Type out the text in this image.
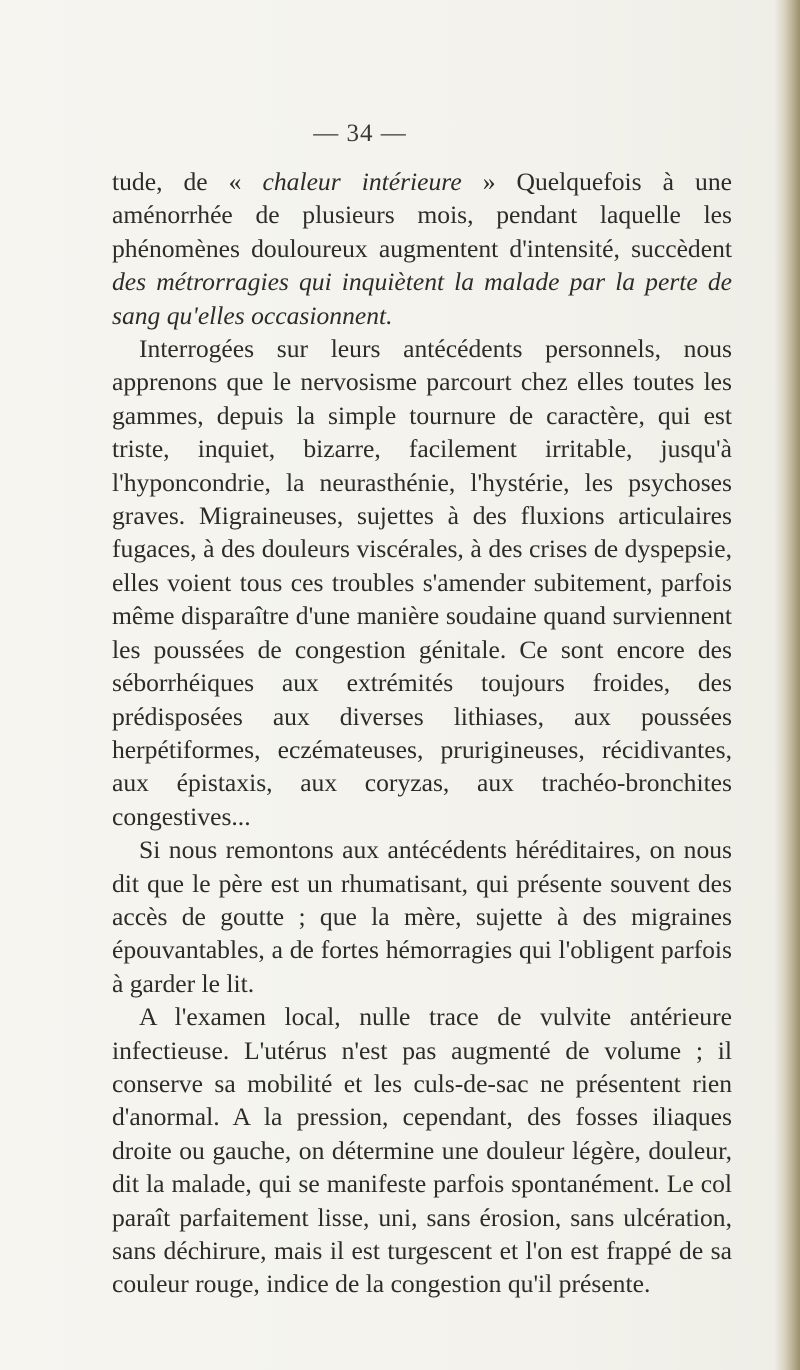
— 34 —

tude, de « chaleur intérieure » Quelquefois à une aménorrhée de plusieurs mois, pendant laquelle les phénomènes douloureux augmentent d'intensité, succèdent des métrorragies qui inquiètent la malade par la perte de sang qu'elles occasionnent.

Interrogées sur leurs antécédents personnels, nous apprenons que le nervosisme parcourt chez elles toutes les gammes, depuis la simple tournure de caractère, qui est triste, inquiet, bizarre, facilement irritable, jusqu'à l'hyponcondrie, la neurasthénie, l'hystérie, les psychoses graves. Migraineuses, sujettes à des fluxions articulaires fugaces, à des douleurs viscérales, à des crises de dyspepsie, elles voient tous ces troubles s'amender subitement, parfois même disparaître d'une manière soudaine quand surviennent les poussées de congestion génitale. Ce sont encore des séborrhéiques aux extrémités toujours froides, des prédisposées aux diverses lithiases, aux poussées herpétiformes, eczémateuses, prurigineuses, récidivantes, aux épistaxis, aux coryzas, aux trachéo-bronchites congestives...

Si nous remontons aux antécédents héréditaires, on nous dit que le père est un rhumatisant, qui présente souvent des accès de goutte ; que la mère, sujette à des migraines épouvantables, a de fortes hémorragies qui l'obligent parfois à garder le lit.

A l'examen local, nulle trace de vulvite antérieure infectieuse. L'utérus n'est pas augmenté de volume ; il conserve sa mobilité et les culs-de-sac ne présentent rien d'anormal. A la pression, cependant, des fosses iliaques droite ou gauche, on détermine une douleur légère, douleur, dit la malade, qui se manifeste parfois spontanément. Le col paraît parfaitement lisse, uni, sans érosion, sans ulcération, sans déchirure, mais il est turgescent et l'on est frappé de sa couleur rouge, indice de la congestion qu'il présente.
